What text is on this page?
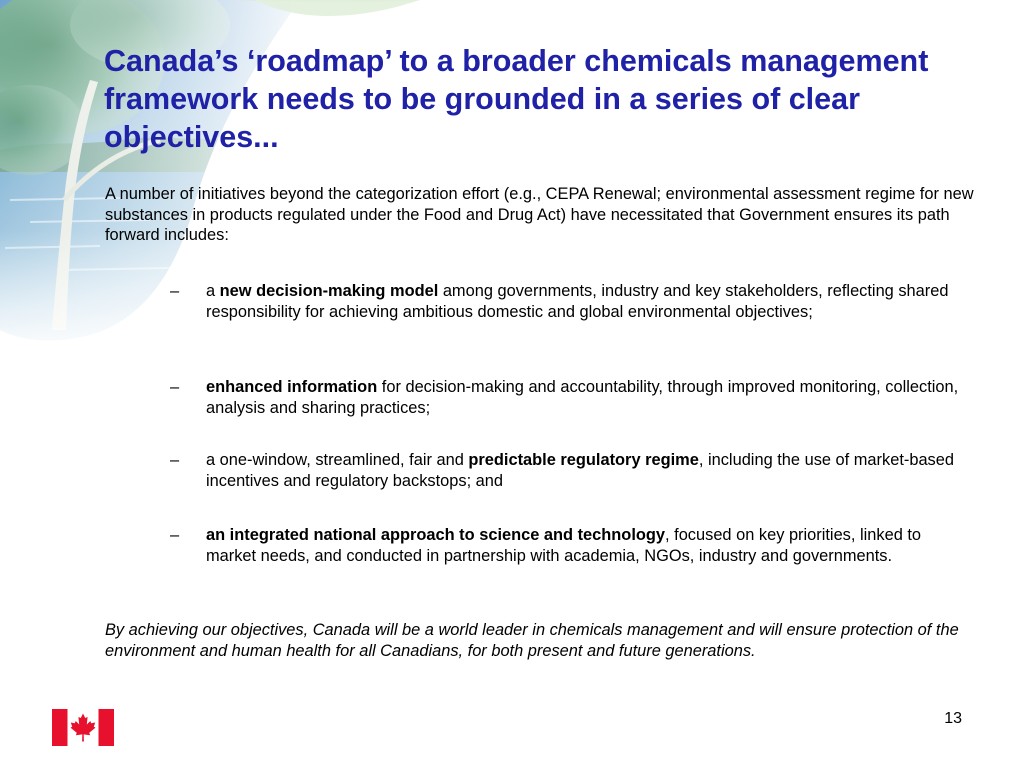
Canada’s ‘roadmap’ to a broader chemicals management framework needs to be grounded in a series of clear objectives...

A number of initiatives beyond the categorization effort (e.g., CEPA Renewal; environmental assessment regime for new substances in products regulated under the Food and Drug Act) have necessitated that Government ensures its path forward includes:

– a new decision-making model among governments, industry and key stakeholders, reflecting shared responsibility for achieving ambitious domestic and global environmental objectives;
– enhanced information for decision-making and accountability, through improved monitoring, collection, analysis and sharing practices;
– a one-window, streamlined, fair and predictable regulatory regime, including the use of market-based incentives and regulatory backstops; and
– an integrated national approach to science and technology, focused on key priorities, linked to market needs, and conducted in partnership with academia, NGOs, industry and governments.

By achieving our objectives, Canada will be a world leader in chemicals management and will ensure protection of the environment and human health for all Canadians, for both present and future generations.

13
